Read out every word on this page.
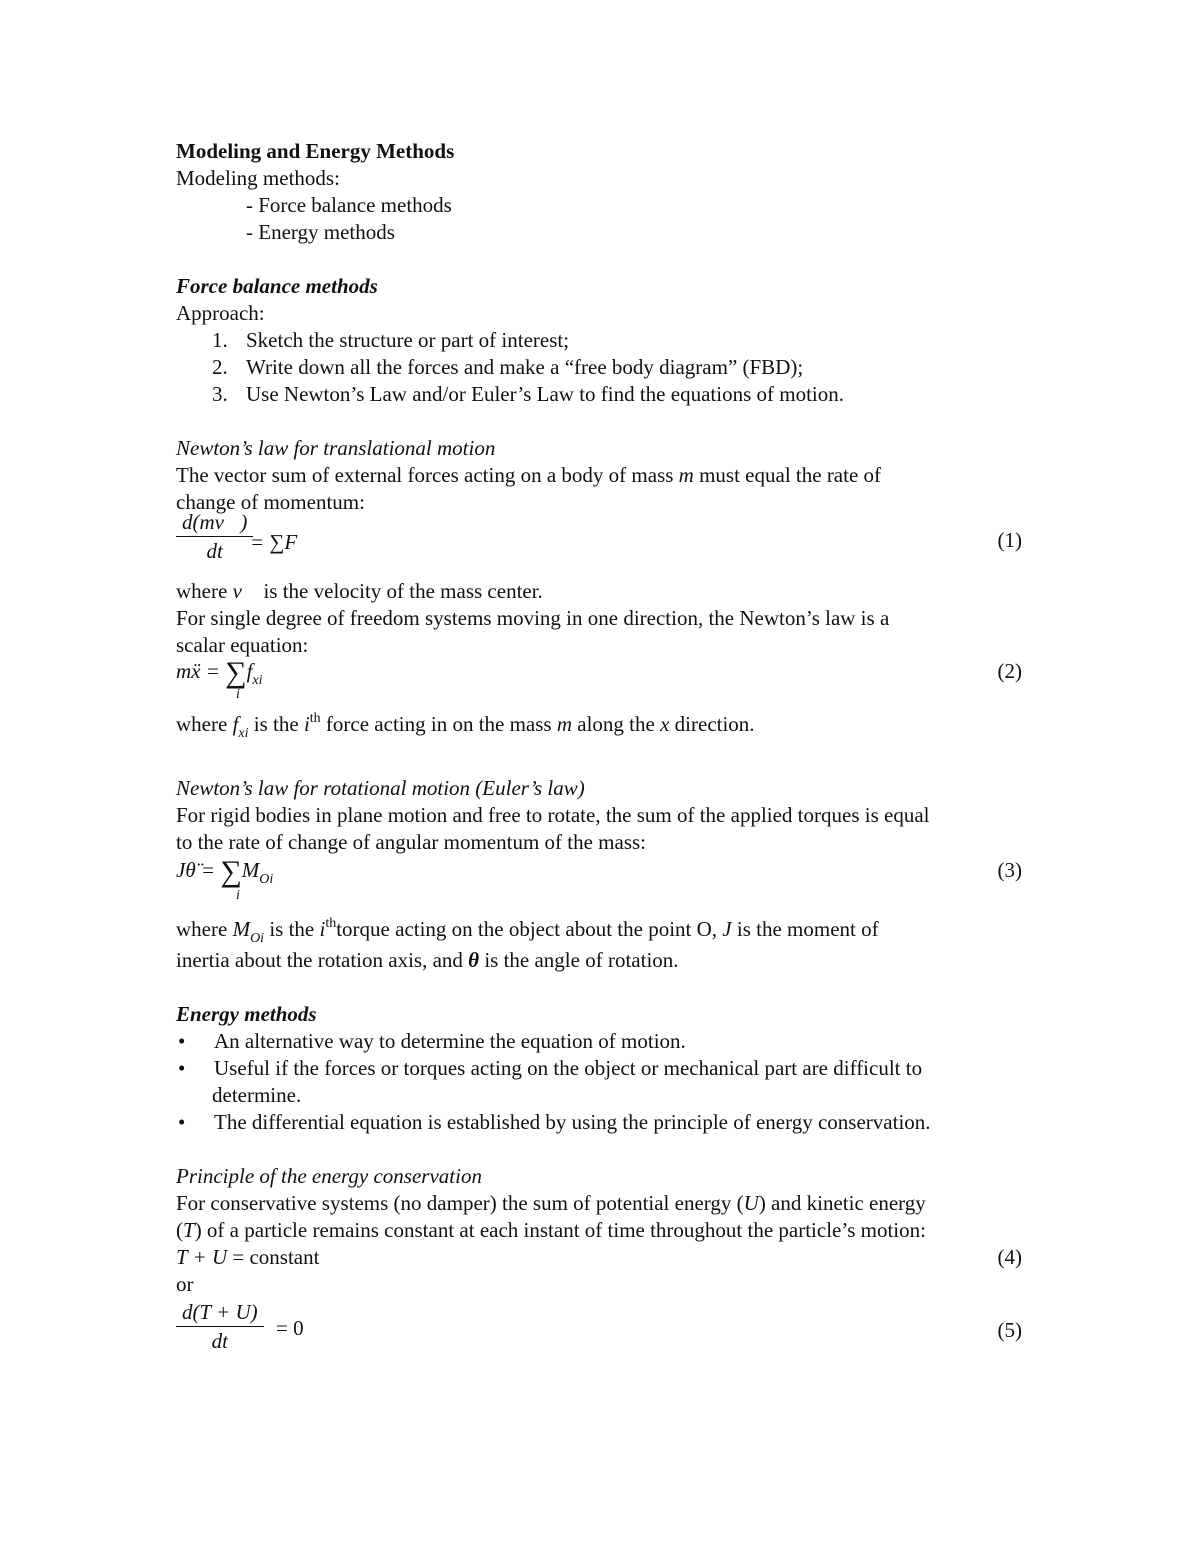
Modeling and Energy Methods
Modeling methods:
- Force balance methods
- Energy methods
Force balance methods
Approach:
1. Sketch the structure or part of interest;
2. Write down all the forces and make a “free body diagram” (FBD);
3. Use Newton’s Law and/or Euler’s Law to find the equations of motion.
Newton’s law for translational motion
The vector sum of external forces acting on a body of mass m must equal the rate of
change of momentum:
$\frac{d(mv⃗)}{dt}$
= ∑F⃗	(1)
where v⃗ is the velocity of the mass center.
For single degree of freedom systems moving in one direction, the Newton’s law is a
scalar equation:
mẍ = $\sum f_{xi}$
i
(2)
where $f_{xi}$ is the $i^{th}$ force acting in on the mass m along the x direction.
Newton’s law for rotational motion (Euler’s law)
For rigid bodies in plane motion and free to rotate, the sum of the applied torques is equal
to the rate of change of angular momentum of the mass:
Jθ̈ = $\sum M_{Oi}$
i
(3)
where $M_{Oi}$ is the $i^{th}torque$ acting on the object about the point O, J is the moment of
inertia about the rotation axis, and θ is the angle of rotation.
Energy methods
• An alternative way to determine the equation of motion.
• Useful if the forces or torques acting on the object or mechanical part are difficult to
determine.
• The differential equation is established by using the principle of energy conservation.
Principle of the energy conservation
For conservative systems (no damper) the sum of potential energy (U) and kinetic energy
(T) of a particle remains constant at each instant of time throughout the particle’s motion:
T + U = constant	(4)
or
$\frac{d(T + U)}{dt} = 0$	(5)
